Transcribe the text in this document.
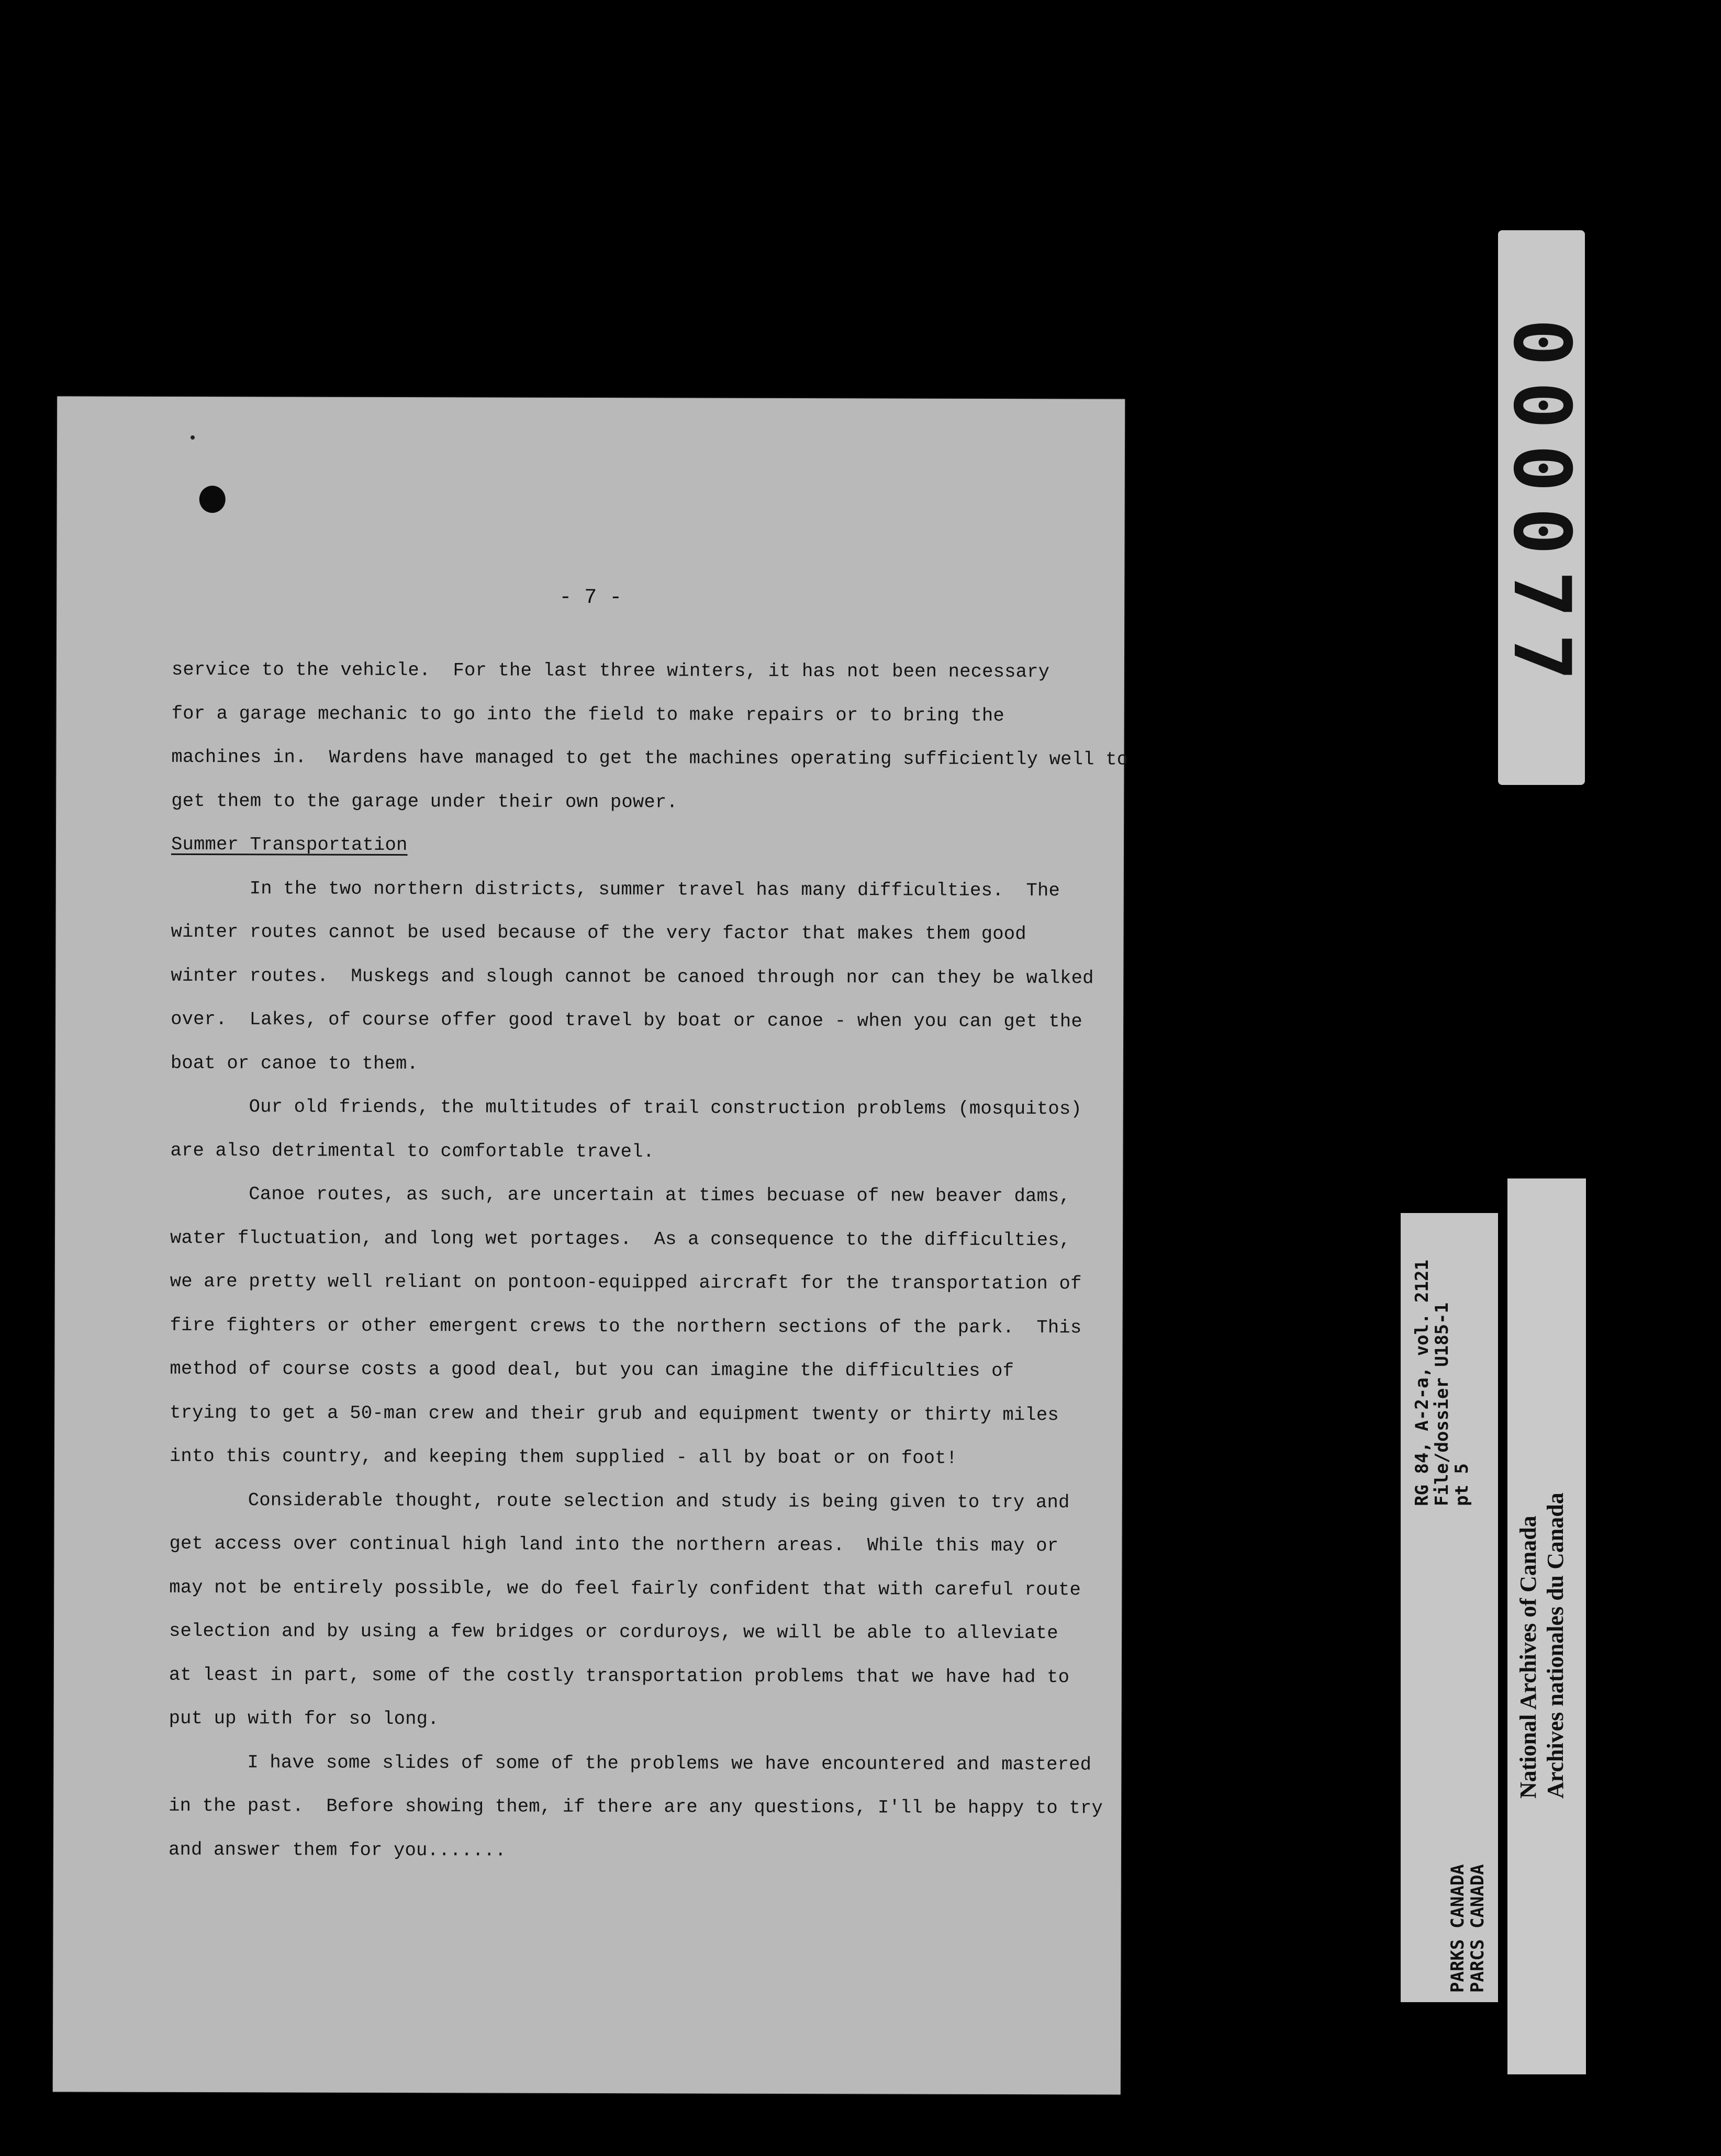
- 7 -

service to the vehicle.  For the last three winters, it has not been necessary

for a garage mechanic to go into the field to make repairs or to bring the

machines in.  Wardens have managed to get the machines operating sufficiently well to

get them to the garage under their own power.

Summer Transportation

In the two northern districts, summer travel has many difficulties.  The

winter routes cannot be used because of the very factor that makes them good

winter routes.  Muskegs and slough cannot be canoed through nor can they be walked

over.  Lakes, of course offer good travel by boat or canoe - when you can get the

boat or canoe to them.

Our old friends, the multitudes of trail construction problems (mosquitos)

are also detrimental to comfortable travel.

Canoe routes, as such, are uncertain at times becuase of new beaver dams,

water fluctuation, and long wet portages.  As a consequence to the difficulties,

we are pretty well reliant on pontoon-equipped aircraft for the transportation of

fire fighters or other emergent crews to the northern sections of the park.  This

method of course costs a good deal, but you can imagine the difficulties of

trying to get a 50-man crew and their grub and equipment twenty or thirty miles

into this country, and keeping them supplied - all by boat or on foot!

Considerable thought, route selection and study is being given to try and

get access over continual high land into the northern areas.  While this may or

may not be entirely possible, we do feel fairly confident that with careful route

selection and by using a few bridges or corduroys, we will be able to alleviate

at least in part, some of the costly transportation problems that we have had to

put up with for so long.

I have some slides of some of the problems we have encountered and mastered

in the past.  Before showing them, if there are any questions, I'll be happy to try

and answer them for you.......

000077
RG 84, A-2-a, vol. 2121
File/dossier U185-1
pt 5
PARKS CANADA
PARCS CANADA
National Archives of Canada Archives nationales du Canada
